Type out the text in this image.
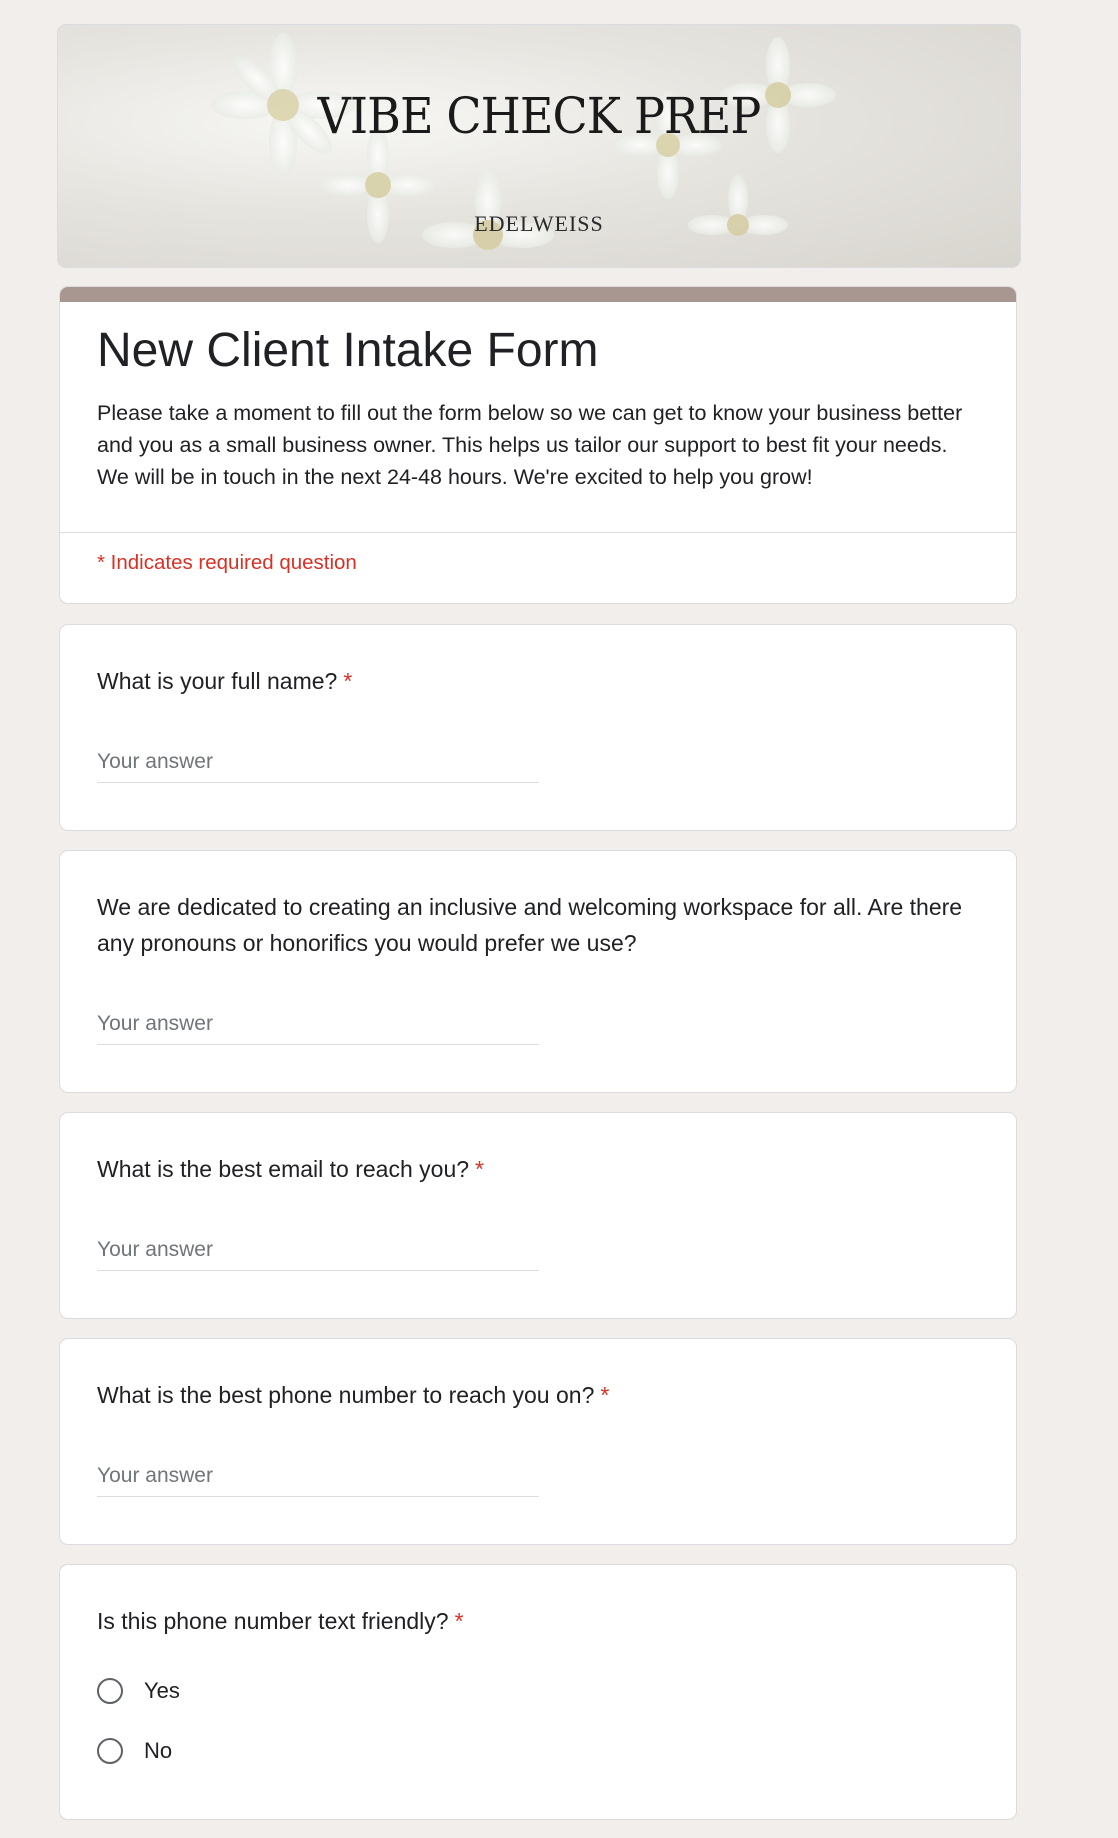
VIBE CHECK PREP
EDELWEISS
New Client Intake Form
Please take a moment to fill out the form below so we can get to know your business better and you as a small business owner. This helps us tailor our support to best fit your needs. We will be in touch in the next 24-48 hours. We're excited to help you grow!
* Indicates required question
What is your full name? *
Your answer
We are dedicated to creating an inclusive and welcoming workspace for all. Are there any pronouns or honorifics you would prefer we use?
Your answer
What is the best email to reach you? *
Your answer
What is the best phone number to reach you on? *
Your answer
Is this phone number text friendly? *
Yes
No
